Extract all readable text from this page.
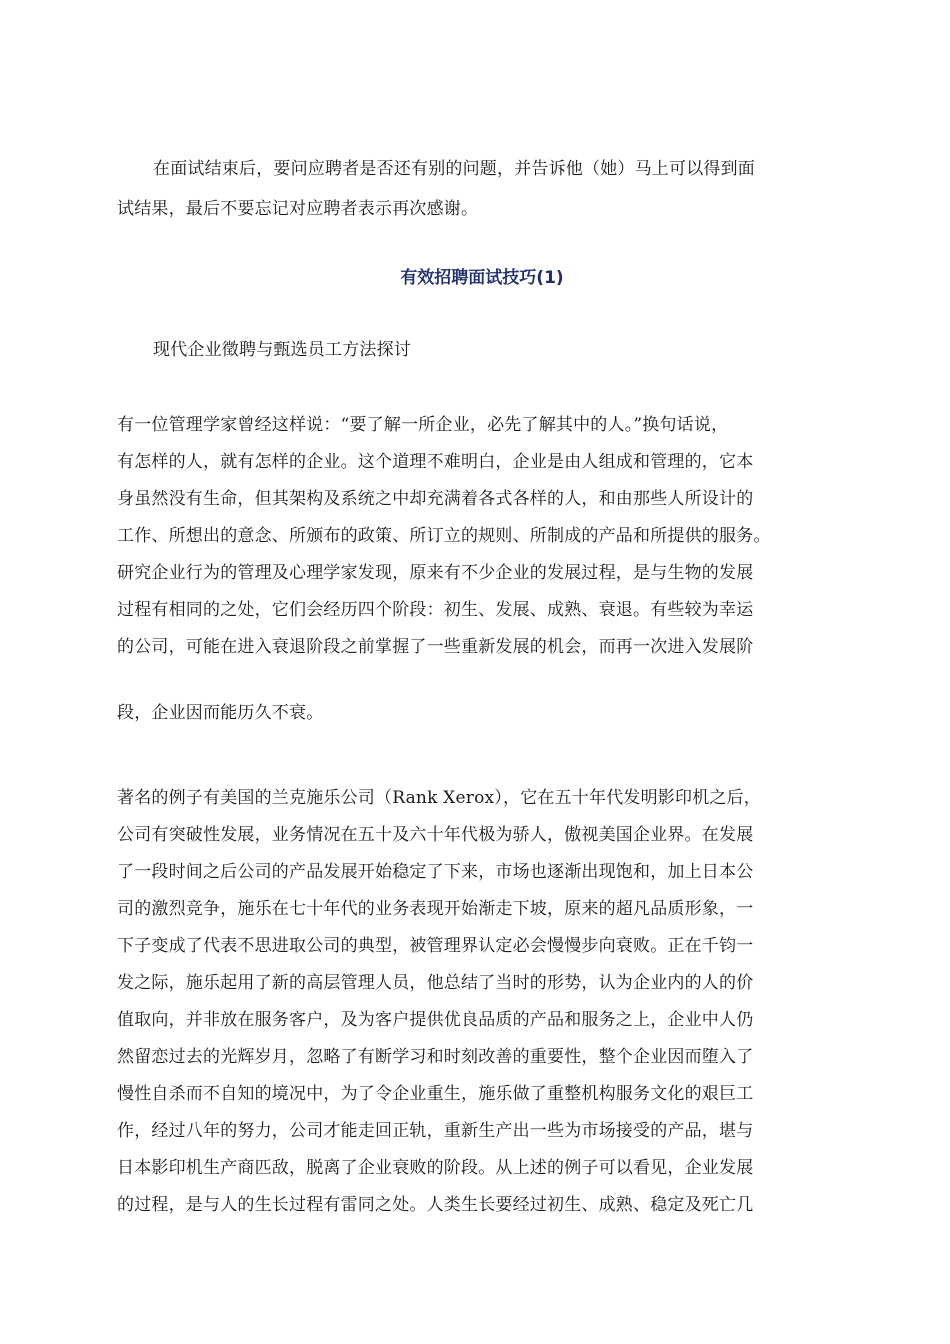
在面试结束后，要问应聘者是否还有别的问题，并告诉他（她）马上可以得到面
试结果，最后不要忘记对应聘者表示再次感谢。
有效招聘面试技巧(1)
现代企业徵聘与甄选员工方法探讨
有一位管理学家曾经这样说：“要了解一所企业，必先了解其中的人。”换句话说，
有怎样的人，就有怎样的企业。这个道理不难明白，企业是由人组成和管理的，它本
身虽然没有生命，但其架构及系统之中却充满着各式各样的人，和由那些人所设计的
工作、所想出的意念、所颁布的政策、所订立的规则、所制成的产品和所提供的服务。
研究企业行为的管理及心理学家发现，原来有不少企业的发展过程，是与生物的发展
过程有相同的之处，它们会经历四个阶段：初生、发展、成熟、衰退。有些较为幸运
的公司，可能在进入衰退阶段之前掌握了一些重新发展的机会，而再一次进入发展阶
段，企业因而能历久不衰。
著名的例子有美国的兰克施乐公司（Rank Xerox），它在五十年代发明影印机之后，
公司有突破性发展，业务情况在五十及六十年代极为骄人，傲视美国企业界。在发展
了一段时间之后公司的产品发展开始稳定了下来，市场也逐渐出现饱和，加上日本公
司的激烈竞争，施乐在七十年代的业务表现开始渐走下坡，原来的超凡品质形象，一
下子变成了代表不思进取公司的典型，被管理界认定必会慢慢步向衰败。正在千钧一
发之际，施乐起用了新的高层管理人员，他总结了当时的形势，认为企业内的人的价
值取向，并非放在服务客户，及为客户提供优良品质的产品和服务之上，企业中人仍
然留恋过去的光辉岁月，忽略了有断学习和时刻改善的重要性，整个企业因而堕入了
慢性自杀而不自知的境况中，为了令企业重生，施乐做了重整机构服务文化的艰巨工
作，经过八年的努力，公司才能走回正轨，重新生产出一些为市场接受的产品，堪与
日本影印机生产商匹敌，脱离了企业衰败的阶段。从上述的例子可以看见，企业发展
的过程，是与人的生长过程有雷同之处。人类生长要经过初生、成熟、稳定及死亡几
